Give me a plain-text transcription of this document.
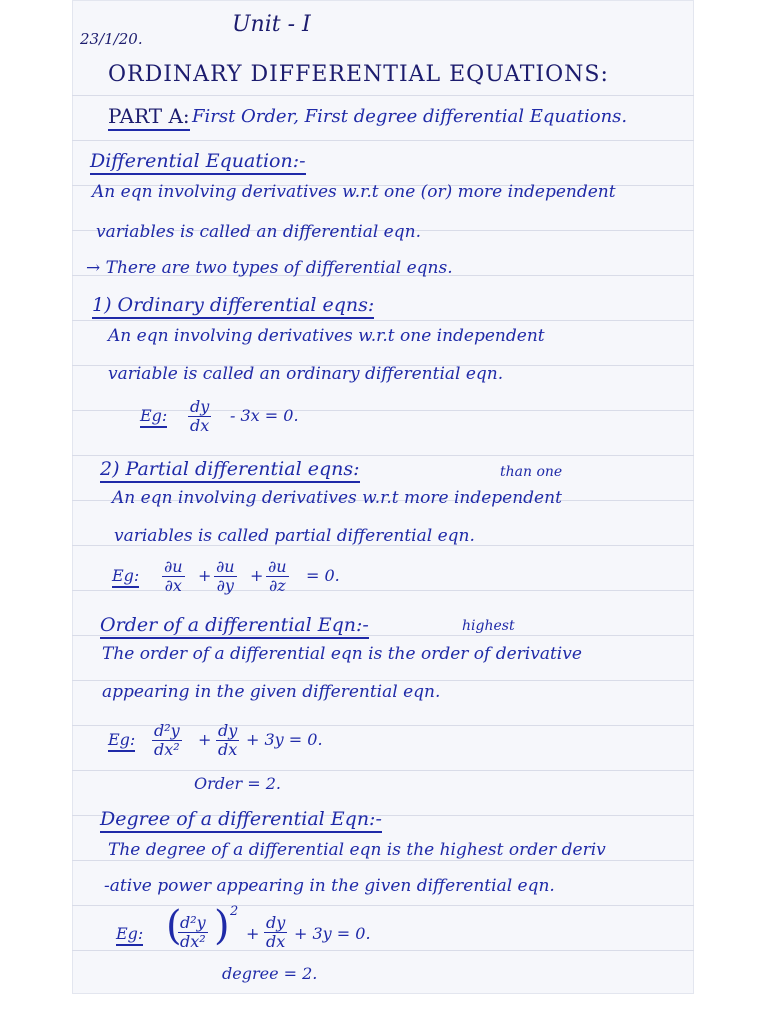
23/1/20.
Unit - I
ORDINARY DIFFERENTIAL EQUATIONS:
PART A: First Order, First degree differential Equations.
Differential Equation:-
An eqn involving derivatives w.r.t one (or) more independent
variables is called an differential eqn.
→ There are two types of differential eqns.
1) Ordinary differential eqns:
An eqn involving derivatives w.r.t one independent
variable is called an ordinary differential eqn.
Eg: $\frac{dy}{dx} - 3x = 0$.
2) Partial differential eqns:	than one
An eqn involving derivatives w.r.t more independent
variables is called partial differential eqn.
Eg: $\frac{\partial u}{\partial x} + \frac{\partial u}{\partial y} + \frac{\partial u}{\partial z} = 0$.
Order of a differential Eqn:-	highest
The order of a differential eqn is the order of derivative
appearing in the given differential eqn.
Eg: $\frac{\text{d²y}}{\text{dx²}} + \frac{dy}{dx} + 3y = 0$.
Order = 2.
Degree of a differential Eqn:-
The degree of a differential eqn is the highest order deriv
-ative power appearing in the given differential eqn.
Eg: (
$\frac{\text{d²y}}{\text{dx²}}$ ) 2
+ $\frac{dy}{dx} + 3y = 0$.
degree = 2.
